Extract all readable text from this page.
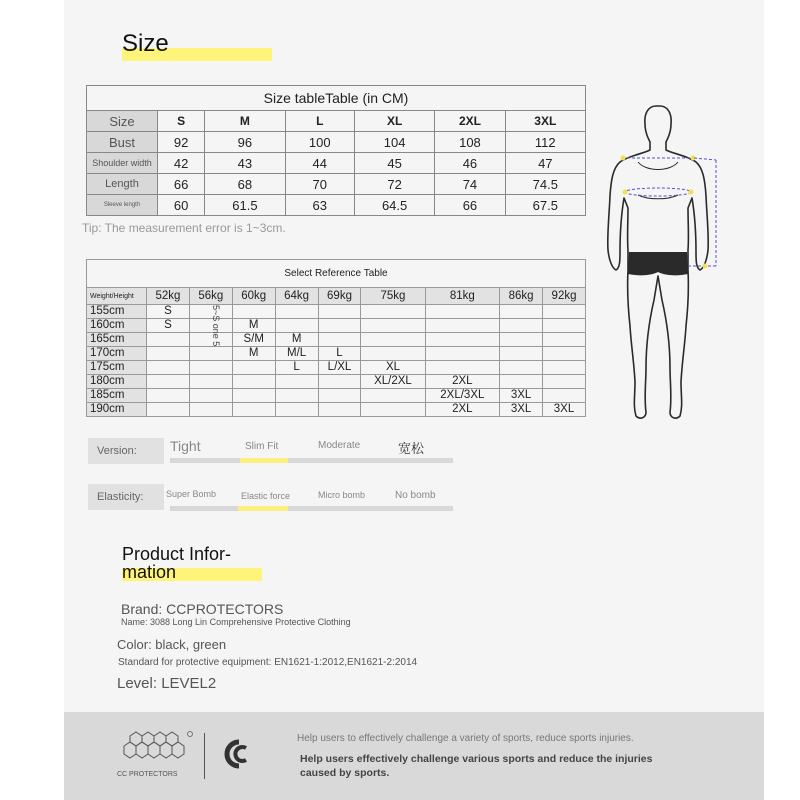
Size
Size tableTable (in CM)						
Size	S	M	L	XL	2XL	3XL
Bust	92	96	100	104	108	112
Shoulder width	42	43	44	45	46	47
Length	66	68	70	72	74	74.5
Sleeve length	60	61.5	63	64.5	66	67.5
Tip: The measurement error is 1~3cm.
Select Reference Table									
Weight/Height	52kg	56kg	60kg	64kg	69kg	75kg	81kg	86kg	92kg
155cm	S								
160cm	S		M						
165cm			S/M	M					
170cm			M	M/L	L				
175cm				L	L/XL	XL			
180cm						XL/2XL	2XL		
185cm							2XL/3XL	3XL	
190cm							2XL	3XL	3XL
5~S one 5
Version:	Tight	Slim Fit	Moderate	宽松
Elasticity:	Super Bomb	Elastic force	Micro bomb	No bomb
Product Infor-
mation
Brand: CCPROTECTORS
Name: 3088 Long Lin Comprehensive Protective Clothing
Color: black, green
Standard for protective equipment: EN1621-1:2012,EN1621-2:2014
Level: LEVEL2
CC PROTECTORS
Help users to effectively challenge a variety of sports, reduce sports injuries.
Help users effectively challenge various sports and reduce the injuries caused by sports.
